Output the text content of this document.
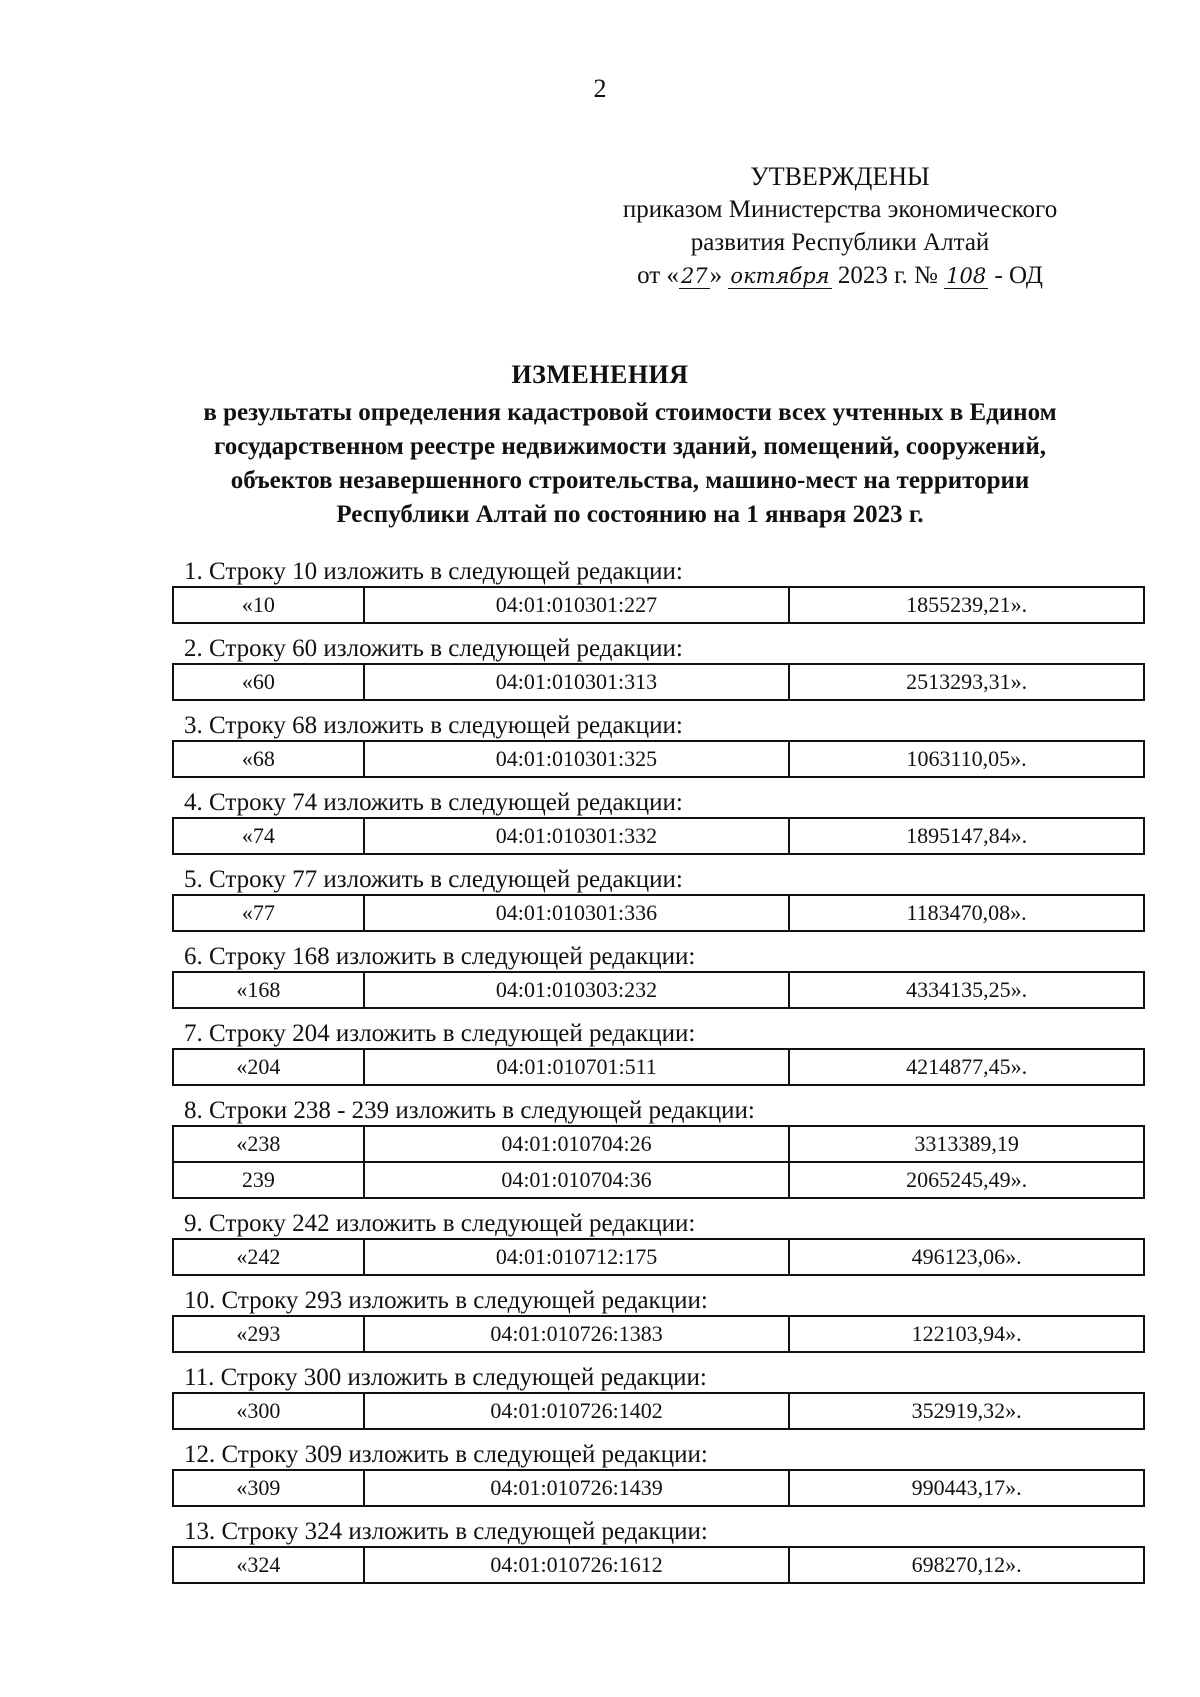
2
УТВЕРЖДЕНЫ
приказом Министерства экономического
развития Республики Алтай
от «27» октября 2023 г. № 108 - ОД
ИЗМЕНЕНИЯ
в результаты определения кадастровой стоимости всех учтенных в Едином государственном реестре недвижимости зданий, помещений, сооружений, объектов незавершенного строительства, машино-мест на территории Республики Алтай по состоянию на 1 января 2023 г.
1. Строку 10 изложить в следующей редакции:
«10	04:01:010301:227	1855239,21».
2. Строку 60 изложить в следующей редакции:
«60	04:01:010301:313	2513293,31».
3. Строку 68 изложить в следующей редакции:
«68	04:01:010301:325	1063110,05».
4. Строку 74 изложить в следующей редакции:
«74	04:01:010301:332	1895147,84».
5. Строку 77 изложить в следующей редакции:
«77	04:01:010301:336	1183470,08».
6. Строку 168 изложить в следующей редакции:
«168	04:01:010303:232	4334135,25».
7. Строку 204 изложить в следующей редакции:
«204	04:01:010701:511	4214877,45».
8. Строки 238 - 239 изложить в следующей редакции:
«238	04:01:010704:26	3313389,19
239	04:01:010704:36	2065245,49».
9. Строку 242 изложить в следующей редакции:
«242	04:01:010712:175	496123,06».
10. Строку 293 изложить в следующей редакции:
«293	04:01:010726:1383	122103,94».
11. Строку 300 изложить в следующей редакции:
«300	04:01:010726:1402	352919,32».
12. Строку 309 изложить в следующей редакции:
«309	04:01:010726:1439	990443,17».
13. Строку 324 изложить в следующей редакции:
«324	04:01:010726:1612	698270,12».
